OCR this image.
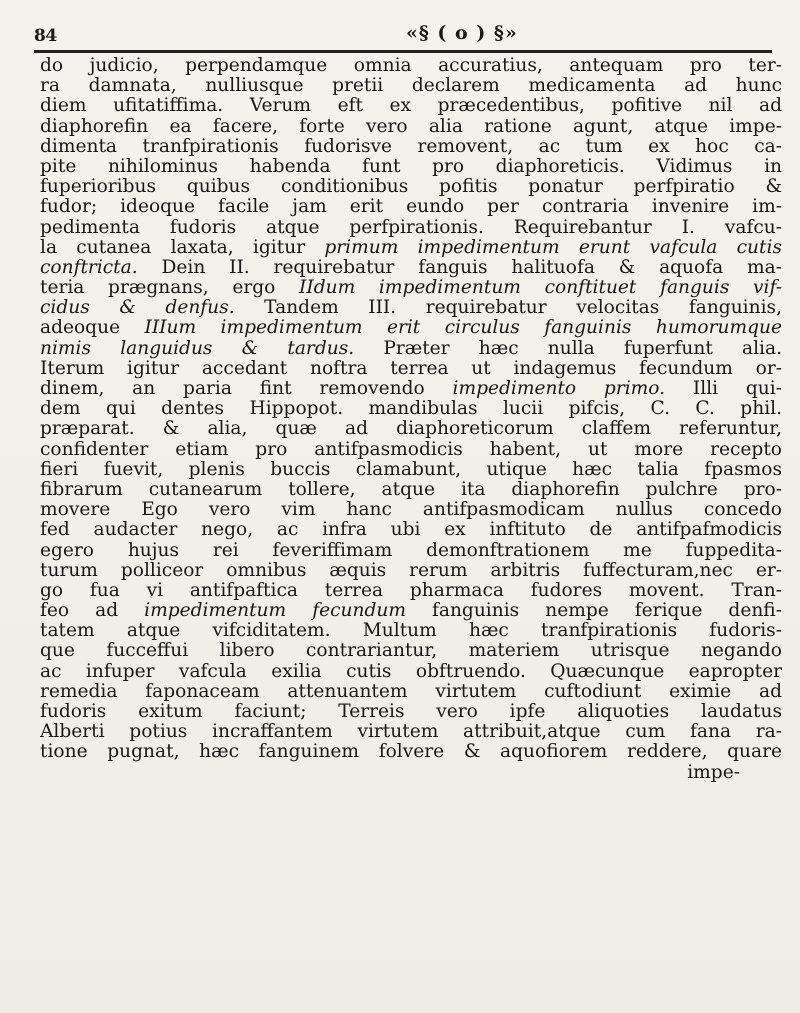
84	«§ ( o ) §»
do judicio, perpendamque omnia accuratius, antequam pro ter-
ra damnata, nulliusque pretii declarem medicamenta ad hunc
diem ufitatiffima. Verum eft ex præcedentibus, pofitive nil ad
diaphorefin ea facere, forte vero alia ratione agunt, atque impe-
dimenta tranfpirationis fudorisve removent, ac tum ex hoc ca-
pite nihilominus habenda funt pro diaphoreticis. Vidimus in
fuperioribus quibus conditionibus pofitis ponatur perfpiratio &
fudor; ideoque facile jam erit eundo per contraria invenire im-
pedimenta fudoris atque perfpirationis. Requirebantur I. vafcu-
la cutanea laxata, igitur primum impedimentum erunt vafcula cutis
conftricta. Dein II. requirebatur fanguis halituofa & aquofa ma-
teria prægnans, ergo IIdum impedimentum conftituet fanguis vif-
cidus & denfus. Tandem III. requirebatur velocitas fanguinis,
adeoque IIIum impedimentum erit circulus fanguinis humorumque
nimis languidus & tardus. Præter hæc nulla fuperfunt alia.
Iterum igitur accedant noftra terrea ut indagemus fecundum or-
dinem, an paria fint removendo impedimento primo. Illi qui-
dem qui dentes Hippopot. mandibulas lucii pifcis, C. C. phil.
præparat. & alia, quæ ad diaphoreticorum claffem referuntur,
confidenter etiam pro antifpasmodicis habent, ut more recepto
fieri fuevit, plenis buccis clamabunt, utique hæc talia fpasmos
fibrarum cutanearum tollere, atque ita diaphorefin pulchre pro-
movere Ego vero vim hanc antifpasmodicam nullus concedo
fed audacter nego, ac infra ubi ex inftituto de antifpafmodicis
egero hujus rei feveriffimam demonftrationem me fuppedita-
turum polliceor omnibus æquis rerum arbitris fuffecturam,nec er-
go fua vi antifpaftica terrea pharmaca fudores movent. Tran-
feo ad impedimentum fecundum fanguinis nempe ferique denfi-
tatem atque vifciditatem. Multum hæc tranfpirationis fudoris-
que fucceffui libero contrariantur, materiem utrisque negando
ac infuper vafcula exilia cutis obftruendo. Quæcunque eapropter
remedia faponaceam attenuantem virtutem cuftodiunt eximie ad
fudoris exitum faciunt; Terreis vero ipfe aliquoties laudatus
Alberti potius incraffantem virtutem attribuit,atque cum fana ra-
tione pugnat, hæc fanguinem folvere & aquofiorem reddere, quare
impe-
